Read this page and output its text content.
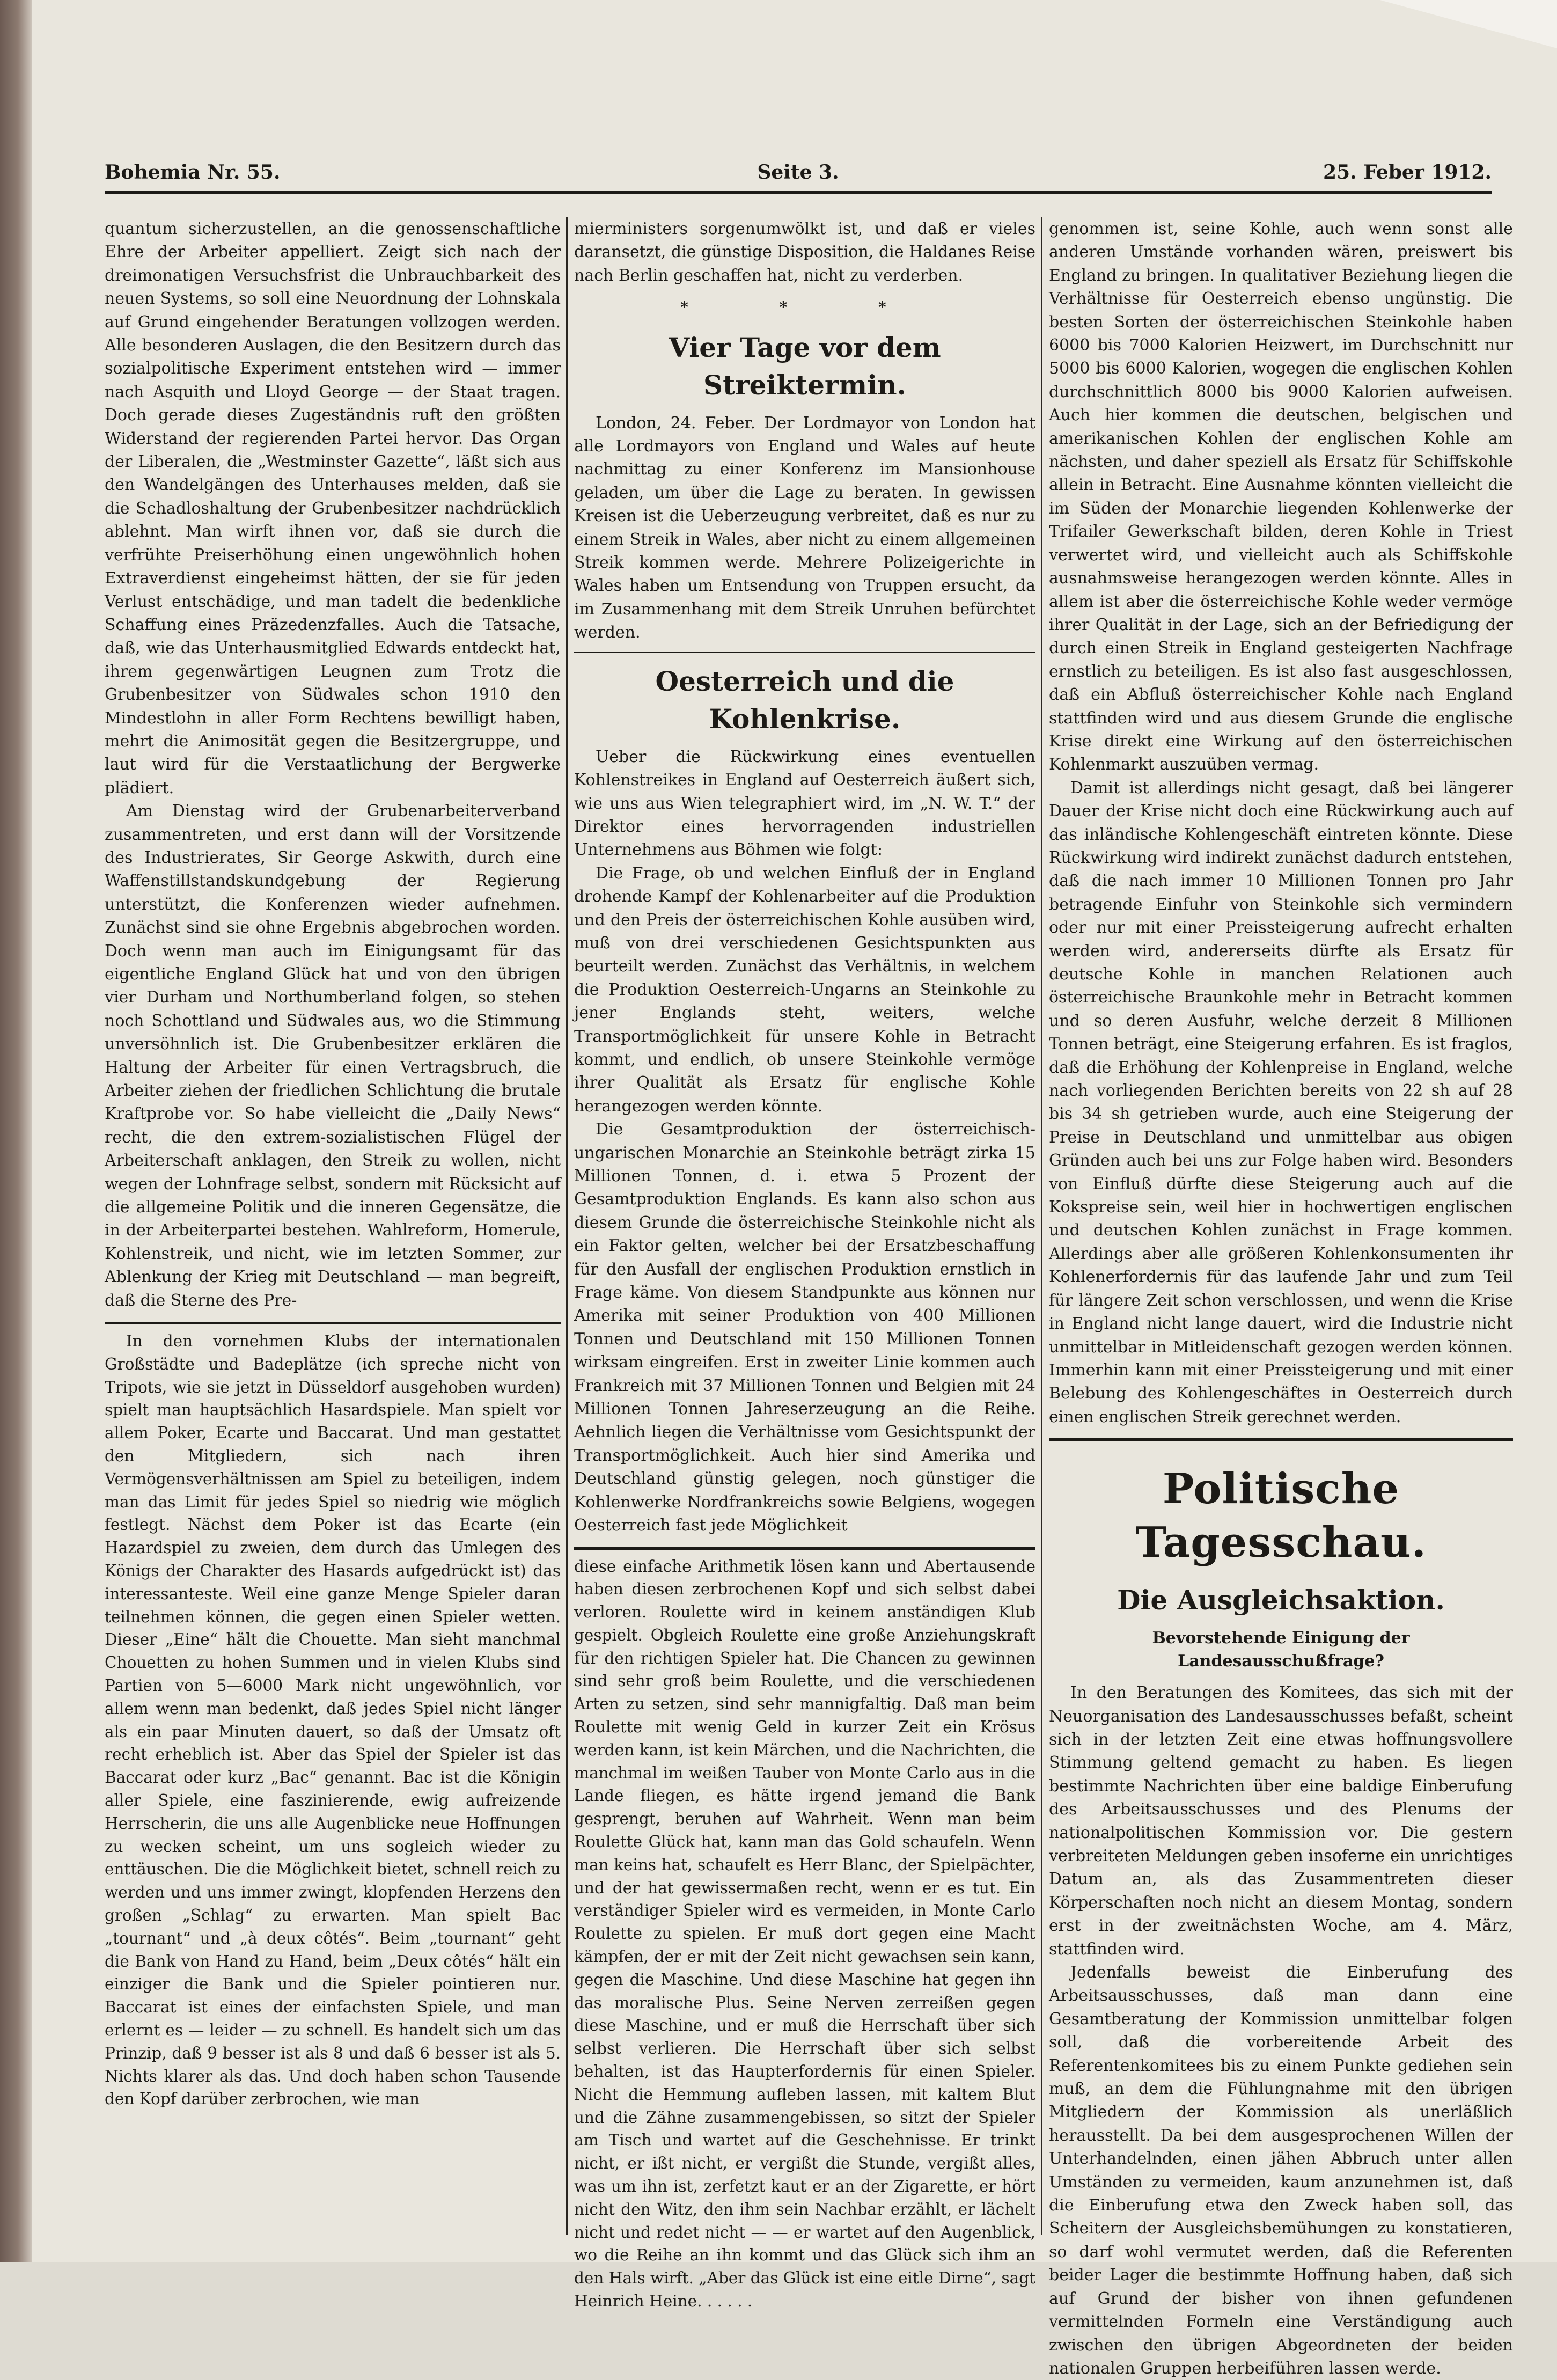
Bohemia Nr. 55.	Seite 3.	25. Feber 1912.

quantum sicherzustellen, an die genossenschaftliche Ehre der Arbeiter appelliert. Zeigt sich nach der dreimonatigen Versuchsfrist die Unbrauchbarkeit des neuen Systems, so soll eine Neuordnung der Lohnskala auf Grund eingehender Beratungen vollzogen werden. Alle besonderen Auslagen, die den Besitzern durch das sozialpolitische Experiment entstehen wird — immer nach Asquith und Lloyd George — der Staat tragen. Doch gerade dieses Zugeständnis ruft den größten Widerstand der regierenden Partei hervor. Das Organ der Liberalen, die „Westminster Gazette“, läßt sich aus den Wandelgängen des Unterhauses melden, daß sie die Schadloshaltung der Grubenbesitzer nachdrücklich ablehnt. Man wirft ihnen vor, daß sie durch die verfrühte Preiserhöhung einen ungewöhnlich hohen Extraverdienst eingeheimst hätten, der sie für jeden Verlust entschädige, und man tadelt die bedenkliche Schaffung eines Präzedenzfalles. Auch die Tatsache, daß, wie das Unterhausmitglied Edwards entdeckt hat, ihrem gegenwärtigen Leugnen zum Trotz die Grubenbesitzer von Südwales schon 1910 den Mindestlohn in aller Form Rechtens bewilligt haben, mehrt die Animosität gegen die Besitzergruppe, und laut wird für die Verstaatlichung der Bergwerke plädiert.

Am Dienstag wird der Grubenarbeiterverband zusammentreten, und erst dann will der Vorsitzende des Industrierates, Sir George Askwith, durch eine Waffenstillstandskundgebung der Regierung unterstützt, die Konferenzen wieder aufnehmen. Zunächst sind sie ohne Ergebnis abgebrochen worden. Doch wenn man auch im Einigungsamt für das eigentliche England Glück hat und von den übrigen vier Durham und Northumberland folgen, so stehen noch Schottland und Südwales aus, wo die Stimmung unversöhnlich ist. Die Grubenbesitzer erklären die Haltung der Arbeiter für einen Vertragsbruch, die Arbeiter ziehen der friedlichen Schlichtung die brutale Kraftprobe vor. So habe vielleicht die „Daily News“ recht, die den extrem-sozialistischen Flügel der Arbeiterschaft anklagen, den Streik zu wollen, nicht wegen der Lohnfrage selbst, sondern mit Rücksicht auf die allgemeine Politik und die inneren Gegensätze, die in der Arbeiterpartei bestehen. Wahlreform, Homerule, Kohlenstreik, und nicht, wie im letzten Sommer, zur Ablenkung der Krieg mit Deutschland — man begreift, daß die Sterne des Pre-

In den vornehmen Klubs der internationalen Großstädte und Badeplätze (ich spreche nicht von Tripots, wie sie jetzt in Düsseldorf ausgehoben wurden) spielt man hauptsächlich Hasardspiele. Man spielt vor allem Poker, Ecarte und Baccarat. Und man gestattet den Mitgliedern, sich nach ihren Vermögensverhältnissen am Spiel zu beteiligen, indem man das Limit für jedes Spiel so niedrig wie möglich festlegt. Nächst dem Poker ist das Ecarte (ein Hazardspiel zu zweien, dem durch das Umlegen des Königs der Charakter des Hasards aufgedrückt ist) das interessanteste. Weil eine ganze Menge Spieler daran teilnehmen können, die gegen einen Spieler wetten. Dieser „Eine“ hält die Chouette. Man sieht manchmal Chouetten zu hohen Summen und in vielen Klubs sind Partien von 5—6000 Mark nicht ungewöhnlich, vor allem wenn man bedenkt, daß jedes Spiel nicht länger als ein paar Minuten dauert, so daß der Umsatz oft recht erheblich ist. Aber das Spiel der Spieler ist das Baccarat oder kurz „Bac“ genannt. Bac ist die Königin aller Spiele, eine faszinierende, ewig aufreizende Herrscherin, die uns alle Augenblicke neue Hoffnungen zu wecken scheint, um uns sogleich wieder zu enttäuschen. Die die Möglichkeit bietet, schnell reich zu werden und uns immer zwingt, klopfenden Herzens den großen „Schlag“ zu erwarten. Man spielt Bac „tournant“ und „à deux côtés“. Beim „tournant“ geht die Bank von Hand zu Hand, beim „Deux côtés“ hält ein einziger die Bank und die Spieler pointieren nur. Baccarat ist eines der einfachsten Spiele, und man erlernt es — leider — zu schnell. Es handelt sich um das Prinzip, daß 9 besser ist als 8 und daß 6 besser ist als 5. Nichts klarer als das. Und doch haben schon Tausende den Kopf darüber zerbrochen, wie man

mierministers sorgenumwölkt ist, und daß er vieles daransetzt, die günstige Disposition, die Haldanes Reise nach Berlin geschaffen hat, nicht zu verderben.

* * *
Vier Tage vor dem Streiktermin.

London, 24. Feber. Der Lordmayor von London hat alle Lordmayors von England und Wales auf heute nachmittag zu einer Konferenz im Mansionhouse geladen, um über die Lage zu beraten. In gewissen Kreisen ist die Ueberzeugung verbreitet, daß es nur zu einem Streik in Wales, aber nicht zu einem allgemeinen Streik kommen werde. Mehrere Polizeigerichte in Wales haben um Entsendung von Truppen ersucht, da im Zusammenhang mit dem Streik Unruhen befürchtet werden.

Oesterreich und die Kohlenkrise.

Ueber die Rückwirkung eines eventuellen Kohlenstreikes in England auf Oesterreich äußert sich, wie uns aus Wien telegraphiert wird, im „N. W. T.“ der Direktor eines hervorragenden industriellen Unternehmens aus Böhmen wie folgt:

Die Frage, ob und welchen Einfluß der in England drohende Kampf der Kohlenarbeiter auf die Produktion und den Preis der österreichischen Kohle ausüben wird, muß von drei verschiedenen Gesichtspunkten aus beurteilt werden. Zunächst das Verhältnis, in welchem die Produktion Oesterreich-Ungarns an Steinkohle zu jener Englands steht, weiters, welche Transportmöglichkeit für unsere Kohle in Betracht kommt, und endlich, ob unsere Steinkohle vermöge ihrer Qualität als Ersatz für englische Kohle herangezogen werden könnte.

Die Gesamtproduktion der österreichisch-ungarischen Monarchie an Steinkohle beträgt zirka 15 Millionen Tonnen, d. i. etwa 5 Prozent der Gesamtproduktion Englands. Es kann also schon aus diesem Grunde die österreichische Steinkohle nicht als ein Faktor gelten, welcher bei der Ersatzbeschaffung für den Ausfall der englischen Produktion ernstlich in Frage käme. Von diesem Standpunkte aus können nur Amerika mit seiner Produktion von 400 Millionen Tonnen und Deutschland mit 150 Millionen Tonnen wirksam eingreifen. Erst in zweiter Linie kommen auch Frankreich mit 37 Millionen Tonnen und Belgien mit 24 Millionen Tonnen Jahreserzeugung an die Reihe. Aehnlich liegen die Verhältnisse vom Gesichtspunkt der Transportmöglichkeit. Auch hier sind Amerika und Deutschland günstig gelegen, noch günstiger die Kohlenwerke Nordfrankreichs sowie Belgiens, wogegen Oesterreich fast jede Möglichkeit

diese einfache Arithmetik lösen kann und Abertausende haben diesen zerbrochenen Kopf und sich selbst dabei verloren. Roulette wird in keinem anständigen Klub gespielt. Obgleich Roulette eine große Anziehungskraft für den richtigen Spieler hat. Die Chancen zu gewinnen sind sehr groß beim Roulette, und die verschiedenen Arten zu setzen, sind sehr mannigfaltig. Daß man beim Roulette mit wenig Geld in kurzer Zeit ein Krösus werden kann, ist kein Märchen, und die Nachrichten, die manchmal im weißen Tauber von Monte Carlo aus in die Lande fliegen, es hätte irgend jemand die Bank gesprengt, beruhen auf Wahrheit. Wenn man beim Roulette Glück hat, kann man das Gold schaufeln. Wenn man keins hat, schaufelt es Herr Blanc, der Spielpächter, und der hat gewissermaßen recht, wenn er es tut. Ein verständiger Spieler wird es vermeiden, in Monte Carlo Roulette zu spielen. Er muß dort gegen eine Macht kämpfen, der er mit der Zeit nicht gewachsen sein kann, gegen die Maschine. Und diese Maschine hat gegen ihn das moralische Plus. Seine Nerven zerreißen gegen diese Maschine, und er muß die Herrschaft über sich selbst verlieren. Die Herrschaft über sich selbst behalten, ist das Haupterfordernis für einen Spieler. Nicht die Hemmung aufleben lassen, mit kaltem Blut und die Zähne zusammengebissen, so sitzt der Spieler am Tisch und wartet auf die Geschehnisse. Er trinkt nicht, er ißt nicht, er vergißt die Stunde, vergißt alles, was um ihn ist, zerfetzt kaut er an der Zigarette, er hört nicht den Witz, den ihm sein Nachbar erzählt, er lächelt nicht und redet nicht — — er wartet auf den Augenblick, wo die Reihe an ihn kommt und das Glück sich ihm an den Hals wirft. „Aber das Glück ist eine eitle Dirne“, sagt Heinrich Heine. . . . . .

genommen ist, seine Kohle, auch wenn sonst alle anderen Umstände vorhanden wären, preiswert bis England zu bringen. In qualitativer Beziehung liegen die Verhältnisse für Oesterreich ebenso ungünstig. Die besten Sorten der österreichischen Steinkohle haben 6000 bis 7000 Kalorien Heizwert, im Durchschnitt nur 5000 bis 6000 Kalorien, wogegen die englischen Kohlen durchschnittlich 8000 bis 9000 Kalorien aufweisen. Auch hier kommen die deutschen, belgischen und amerikanischen Kohlen der englischen Kohle am nächsten, und daher speziell als Ersatz für Schiffskohle allein in Betracht. Eine Ausnahme könnten vielleicht die im Süden der Monarchie liegenden Kohlenwerke der Trifailer Gewerkschaft bilden, deren Kohle in Triest verwertet wird, und vielleicht auch als Schiffskohle ausnahmsweise herangezogen werden könnte. Alles in allem ist aber die österreichische Kohle weder vermöge ihrer Qualität in der Lage, sich an der Befriedigung der durch einen Streik in England gesteigerten Nachfrage ernstlich zu beteiligen. Es ist also fast ausgeschlossen, daß ein Abfluß österreichischer Kohle nach England stattfinden wird und aus diesem Grunde die englische Krise direkt eine Wirkung auf den österreichischen Kohlenmarkt auszuüben vermag.

Damit ist allerdings nicht gesagt, daß bei längerer Dauer der Krise nicht doch eine Rückwirkung auch auf das inländische Kohlengeschäft eintreten könnte. Diese Rückwirkung wird indirekt zunächst dadurch entstehen, daß die nach immer 10 Millionen Tonnen pro Jahr betragende Einfuhr von Steinkohle sich vermindern oder nur mit einer Preissteigerung aufrecht erhalten werden wird, andererseits dürfte als Ersatz für deutsche Kohle in manchen Relationen auch österreichische Braunkohle mehr in Betracht kommen und so deren Ausfuhr, welche derzeit 8 Millionen Tonnen beträgt, eine Steigerung erfahren. Es ist fraglos, daß die Erhöhung der Kohlenpreise in England, welche nach vorliegenden Berichten bereits von 22 sh auf 28 bis 34 sh getrieben wurde, auch eine Steigerung der Preise in Deutschland und unmittelbar aus obigen Gründen auch bei uns zur Folge haben wird. Besonders von Einfluß dürfte diese Steigerung auch auf die Kokspreise sein, weil hier in hochwertigen englischen und deutschen Kohlen zunächst in Frage kommen. Allerdings aber alle größeren Kohlenkonsumenten ihr Kohlenerfordernis für das laufende Jahr und zum Teil für längere Zeit schon verschlossen, und wenn die Krise in England nicht lange dauert, wird die Industrie nicht unmittelbar in Mitleidenschaft gezogen werden können. Immerhin kann mit einer Preissteigerung und mit einer Belebung des Kohlengeschäftes in Oesterreich durch einen englischen Streik gerechnet werden.

Politische Tagesschau.
Die Ausgleichsaktion.
Bevorstehende Einigung der Landesausschußfrage?

In den Beratungen des Komitees, das sich mit der Neuorganisation des Landesausschusses befaßt, scheint sich in der letzten Zeit eine etwas hoffnungsvollere Stimmung geltend gemacht zu haben. Es liegen bestimmte Nachrichten über eine baldige Einberufung des Arbeitsausschusses und des Plenums der nationalpolitischen Kommission vor. Die gestern verbreiteten Meldungen geben insoferne ein unrichtiges Datum an, als das Zusammentreten dieser Körperschaften noch nicht an diesem Montag, sondern erst in der zweitnächsten Woche, am 4. März, stattfinden wird.

Jedenfalls beweist die Einberufung des Arbeitsausschusses, daß man dann eine Gesamtberatung der Kommission unmittelbar folgen soll, daß die vorbereitende Arbeit des Referentenkomitees bis zu einem Punkte gediehen sein muß, an dem die Fühlungnahme mit den übrigen Mitgliedern der Kommission als unerläßlich herausstellt. Da bei dem ausgesprochenen Willen der Unterhandelnden, einen jähen Abbruch unter allen Umständen zu vermeiden, kaum anzunehmen ist, daß die Einberufung etwa den Zweck haben soll, das Scheitern der Ausgleichsbemühungen zu konstatieren, so darf wohl vermutet werden, daß die Referenten beider Lager die bestimmte Hoffnung haben, daß sich auf Grund der bisher von ihnen gefundenen vermittelnden Formeln eine Verständigung auch zwischen den übrigen Abgeordneten der beiden nationalen Gruppen herbeiführen lassen werde.
